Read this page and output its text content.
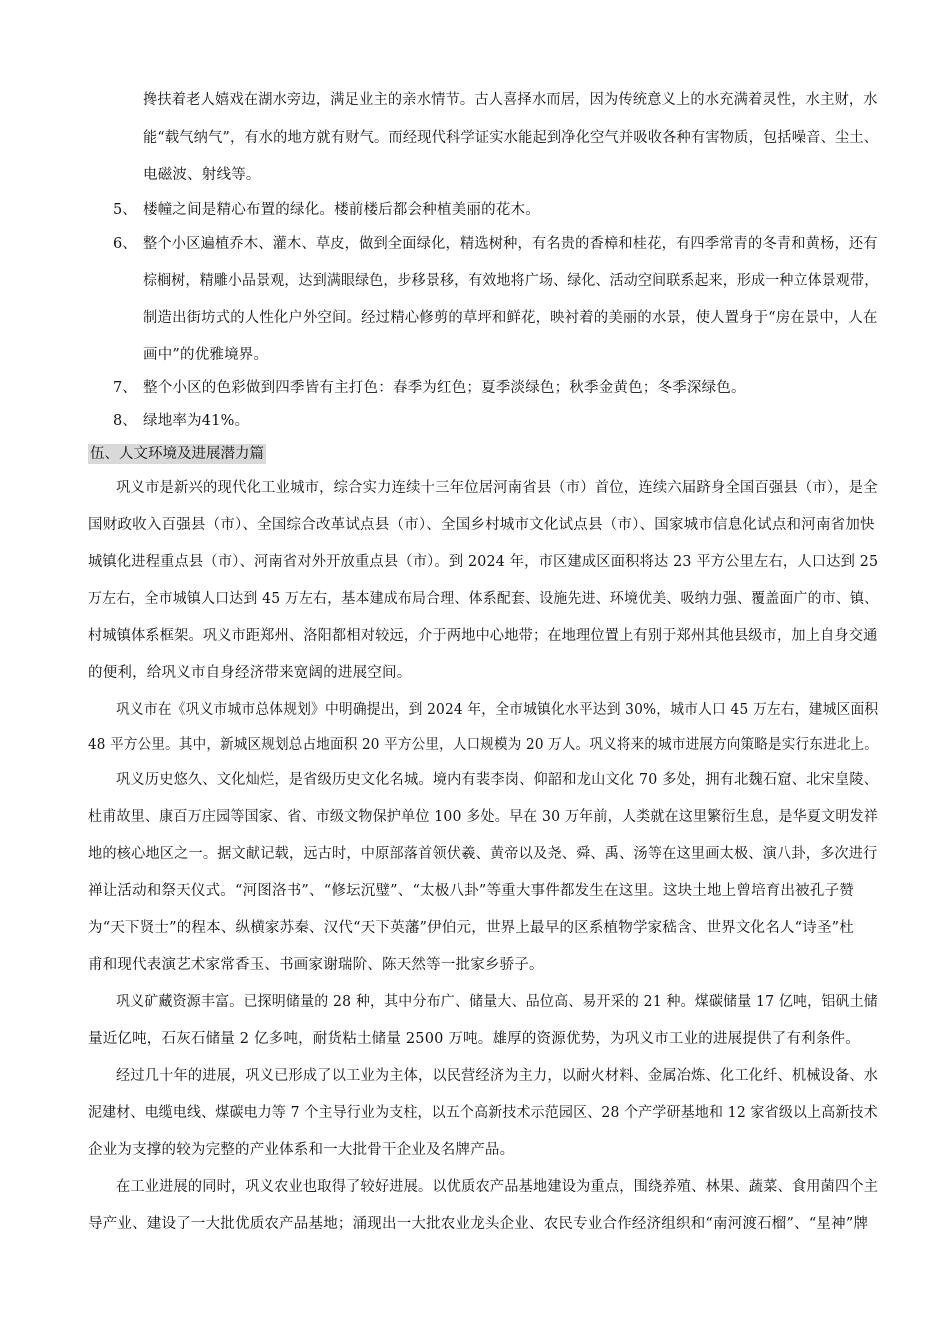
搀扶着老人嬉戏在湖水旁边，满足业主的亲水情节。古人喜择水而居，因为传统意义上的水充满着灵性，水主财，水
能“载气纳气”，有水的地方就有财气。而经现代科学证实水能起到净化空气并吸收各种有害物质，包括噪音、尘土、
电磁波、射线等。
5、 楼幢之间是精心布置的绿化。楼前楼后都会种植美丽的花木。
6、 整个小区遍植乔木、灌木、草皮，做到全面绿化，精选树种，有名贵的香樟和桂花，有四季常青的冬青和黄杨，还有
棕榈树，精雕小品景观，达到满眼绿色，步移景移，有效地将广场、绿化、活动空间联系起来，形成一种立体景观带，
制造出街坊式的人性化户外空间。经过精心修剪的草坪和鲜花，映衬着的美丽的水景，使人置身于“房在景中，人在
画中”的优雅境界。
7、 整个小区的色彩做到四季皆有主打色：春季为红色；夏季淡绿色；秋季金黄色；冬季深绿色。
8、 绿地率为41%。
伍、人文环境及进展潜力篇
巩义市是新兴的现代化工业城市，综合实力连续十三年位居河南省县（市）首位，连续六届跻身全国百强县（市），是全
国财政收入百强县（市）、全国综合改革试点县（市）、全国乡村城市文化试点县（市）、国家城市信息化试点和河南省加快
城镇化进程重点县（市）、河南省对外开放重点县（市）。到 2024 年，市区建成区面积将达 23 平方公里左右，人口达到 25
万左右，全市城镇人口达到 45 万左右，基本建成布局合理、体系配套、设施先进、环境优美、吸纳力强、覆盖面广的市、镇、
村城镇体系框架。巩义市距郑州、洛阳都相对较远，介于两地中心地带；在地理位置上有别于郑州其他县级市，加上自身交通
的便利，给巩义市自身经济带来宽阔的进展空间。
巩义市在《巩义市城市总体规划》中明确提出，到 2024 年，全市城镇化水平达到 30%，城市人口 45 万左右，建城区面积
48 平方公里。其中，新城区规划总占地面积 20 平方公里，人口规模为 20 万人。巩义将来的城市进展方向策略是实行东进北上。
巩义历史悠久、文化灿烂，是省级历史文化名城。境内有裴李岗、仰韶和龙山文化 70 多处，拥有北魏石窟、北宋皇陵、
杜甫故里、康百万庄园等国家、省、市级文物保护单位 100 多处。早在 30 万年前，人类就在这里繁衍生息，是华夏文明发祥
地的核心地区之一。据文献记载，远古时，中原部落首领伏羲、黄帝以及尧、舜、禹、汤等在这里画太极、演八卦，多次进行
禅让活动和祭天仪式。“河图洛书”、“修坛沉璧”、“太极八卦”等重大事件都发生在这里。这块土地上曾培育出被孔子赞
为“天下贤士”的程本、纵横家苏秦、汉代“天下英藩”伊伯元，世界上最早的区系植物学家嵇含、世界文化名人“诗圣”杜
甫和现代表演艺术家常香玉、书画家谢瑞阶、陈天然等一批家乡骄子。
巩义矿藏资源丰富。已探明储量的 28 种，其中分布广、储量大、品位高、易开采的 21 种。煤碳储量 17 亿吨，铝矾土储
量近亿吨，石灰石储量 2 亿多吨，耐货粘土储量 2500 万吨。雄厚的资源优势，为巩义市工业的进展提供了有利条件。
经过几十年的进展，巩义已形成了以工业为主体，以民营经济为主力，以耐火材料、金属冶炼、化工化纤、机械设备、水
泥建材、电缆电线、煤碳电力等 7 个主导行业为支柱，以五个高新技术示范园区、28 个产学研基地和 12 家省级以上高新技术
企业为支撑的较为完整的产业体系和一大批骨干企业及名牌产品。
在工业进展的同时，巩义农业也取得了较好进展。以优质农产品基地建设为重点，围绕养殖、林果、蔬菜、食用菌四个主
导产业、建设了一大批优质农产品基地；涌现出一大批农业龙头企业、农民专业合作经济组织和“南河渡石榴”、“星神”牌
